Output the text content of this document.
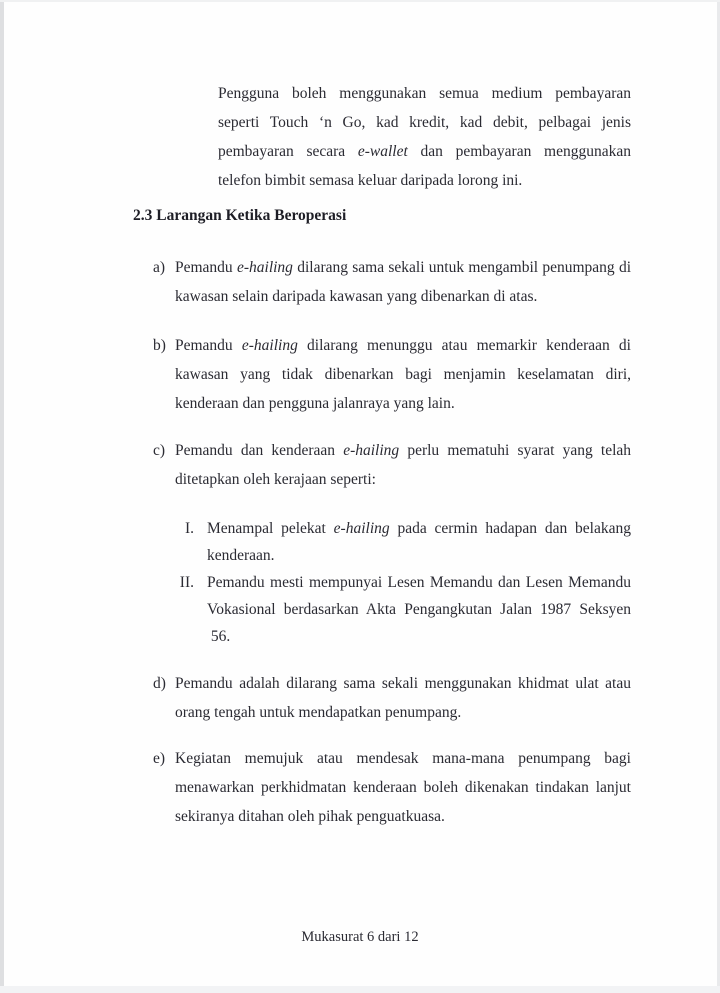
Pengguna boleh menggunakan semua medium pembayaran seperti Touch ‘n Go, kad kredit, kad debit, pelbagai jenis pembayaran secara e-wallet dan pembayaran menggunakan telefon bimbit semasa keluar daripada lorong ini.

2.3 Larangan Ketika Beroperasi
a) Pemandu e-hailing dilarang sama sekali untuk mengambil penumpang di kawasan selain daripada kawasan yang dibenarkan di atas.
b) Pemandu e-hailing dilarang menunggu atau memarkir kenderaan di kawasan yang tidak dibenarkan bagi menjamin keselamatan diri, kenderaan dan pengguna jalanraya yang lain.
c) Pemandu dan kenderaan e-hailing perlu mematuhi syarat yang telah ditetapkan oleh kerajaan seperti:
I. Menampal pelekat e-hailing pada cermin hadapan dan belakang kenderaan.
II. Pemandu mesti mempunyai Lesen Memandu dan Lesen Memandu Vokasional berdasarkan Akta Pengangkutan Jalan 1987 Seksyen  56.
d) Pemandu adalah dilarang sama sekali menggunakan khidmat ulat atau orang tengah untuk mendapatkan penumpang.
e) Kegiatan memujuk atau mendesak mana-mana penumpang bagi menawarkan perkhidmatan kenderaan boleh dikenakan tindakan lanjut sekiranya ditahan oleh pihak penguatkuasa.
Mukasurat 6 dari 12
